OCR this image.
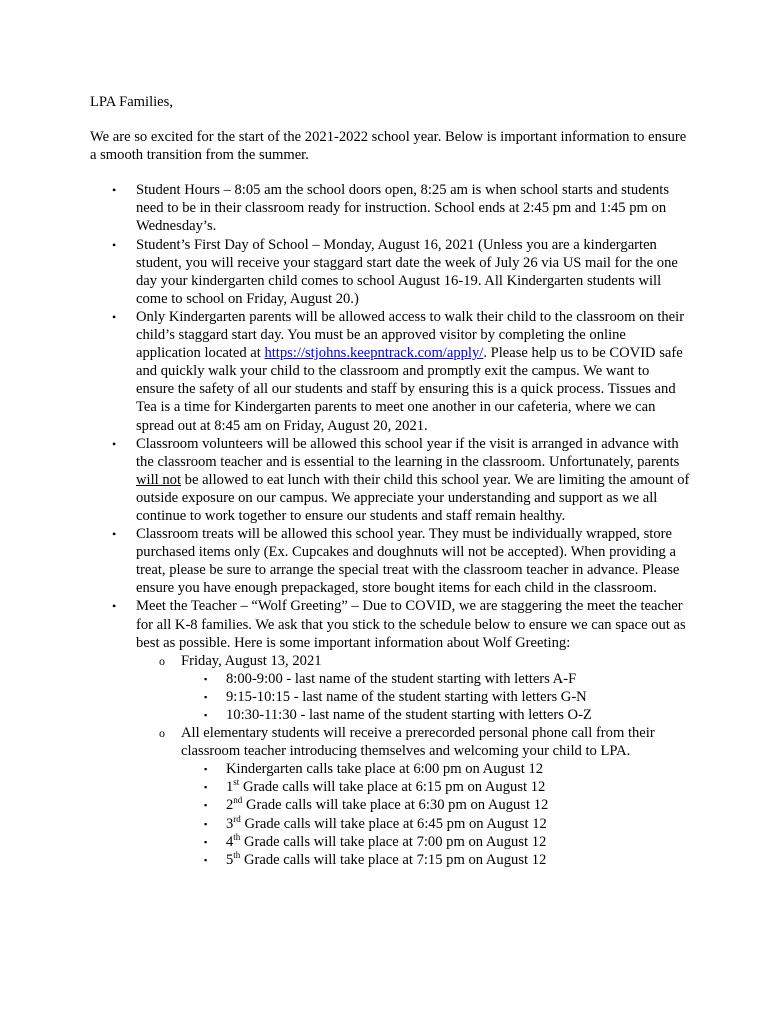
LPA Families,

We are so excited for the start of the 2021-2022 school year. Below is important information to ensure a smooth transition from the summer.

• Student Hours – 8:05 am the school doors open, 8:25 am is when school starts and students need to be in their classroom ready for instruction. School ends at 2:45 pm and 1:45 pm on Wednesday’s.
• Student’s First Day of School – Monday, August 16, 2021 (Unless you are a kindergarten student, you will receive your staggard start date the week of July 26 via US mail for the one day your kindergarten child comes to school August 16-19. All Kindergarten students will come to school on Friday, August 20.)
• Only Kindergarten parents will be allowed access to walk their child to the classroom on their child’s staggard start day. You must be an approved visitor by completing the online application located at https://stjohns.keepntrack.com/apply/. Please help us to be COVID safe and quickly walk your child to the classroom and promptly exit the campus. We want to ensure the safety of all our students and staff by ensuring this is a quick process. Tissues and Tea is a time for Kindergarten parents to meet one another in our cafeteria, where we can spread out at 8:45 am on Friday, August 20, 2021.
• Classroom volunteers will be allowed this school year if the visit is arranged in advance with the classroom teacher and is essential to the learning in the classroom. Unfortunately, parents will not be allowed to eat lunch with their child this school year. We are limiting the amount of outside exposure on our campus. We appreciate your understanding and support as we all continue to work together to ensure our students and staff remain healthy.
• Classroom treats will be allowed this school year. They must be individually wrapped, store purchased items only (Ex. Cupcakes and doughnuts will not be accepted). When providing a treat, please be sure to arrange the special treat with the classroom teacher in advance. Please ensure you have enough prepackaged, store bought items for each child in the classroom.
• Meet the Teacher – “Wolf Greeting” – Due to COVID, we are staggering the meet the teacher for all K-8 families. We ask that you stick to the schedule below to ensure we can space out as best as possible. Here is some important information about Wolf Greeting:
o Friday, August 13, 2021
▪ 8:00-9:00 - last name of the student starting with letters A-F
▪ 9:15-10:15 - last name of the student starting with letters G-N
▪ 10:30-11:30 - last name of the student starting with letters O-Z
o All elementary students will receive a prerecorded personal phone call from their classroom teacher introducing themselves and welcoming your child to LPA.
▪ Kindergarten calls take place at 6:00 pm on August 12
▪ 1st Grade calls will take place at 6:15 pm on August 12
▪ 2nd Grade calls will take place at 6:30 pm on August 12
▪ 3rd Grade calls will take place at 6:45 pm on August 12
▪ 4th Grade calls will take place at 7:00 pm on August 12
▪ 5th Grade calls will take place at 7:15 pm on August 12
